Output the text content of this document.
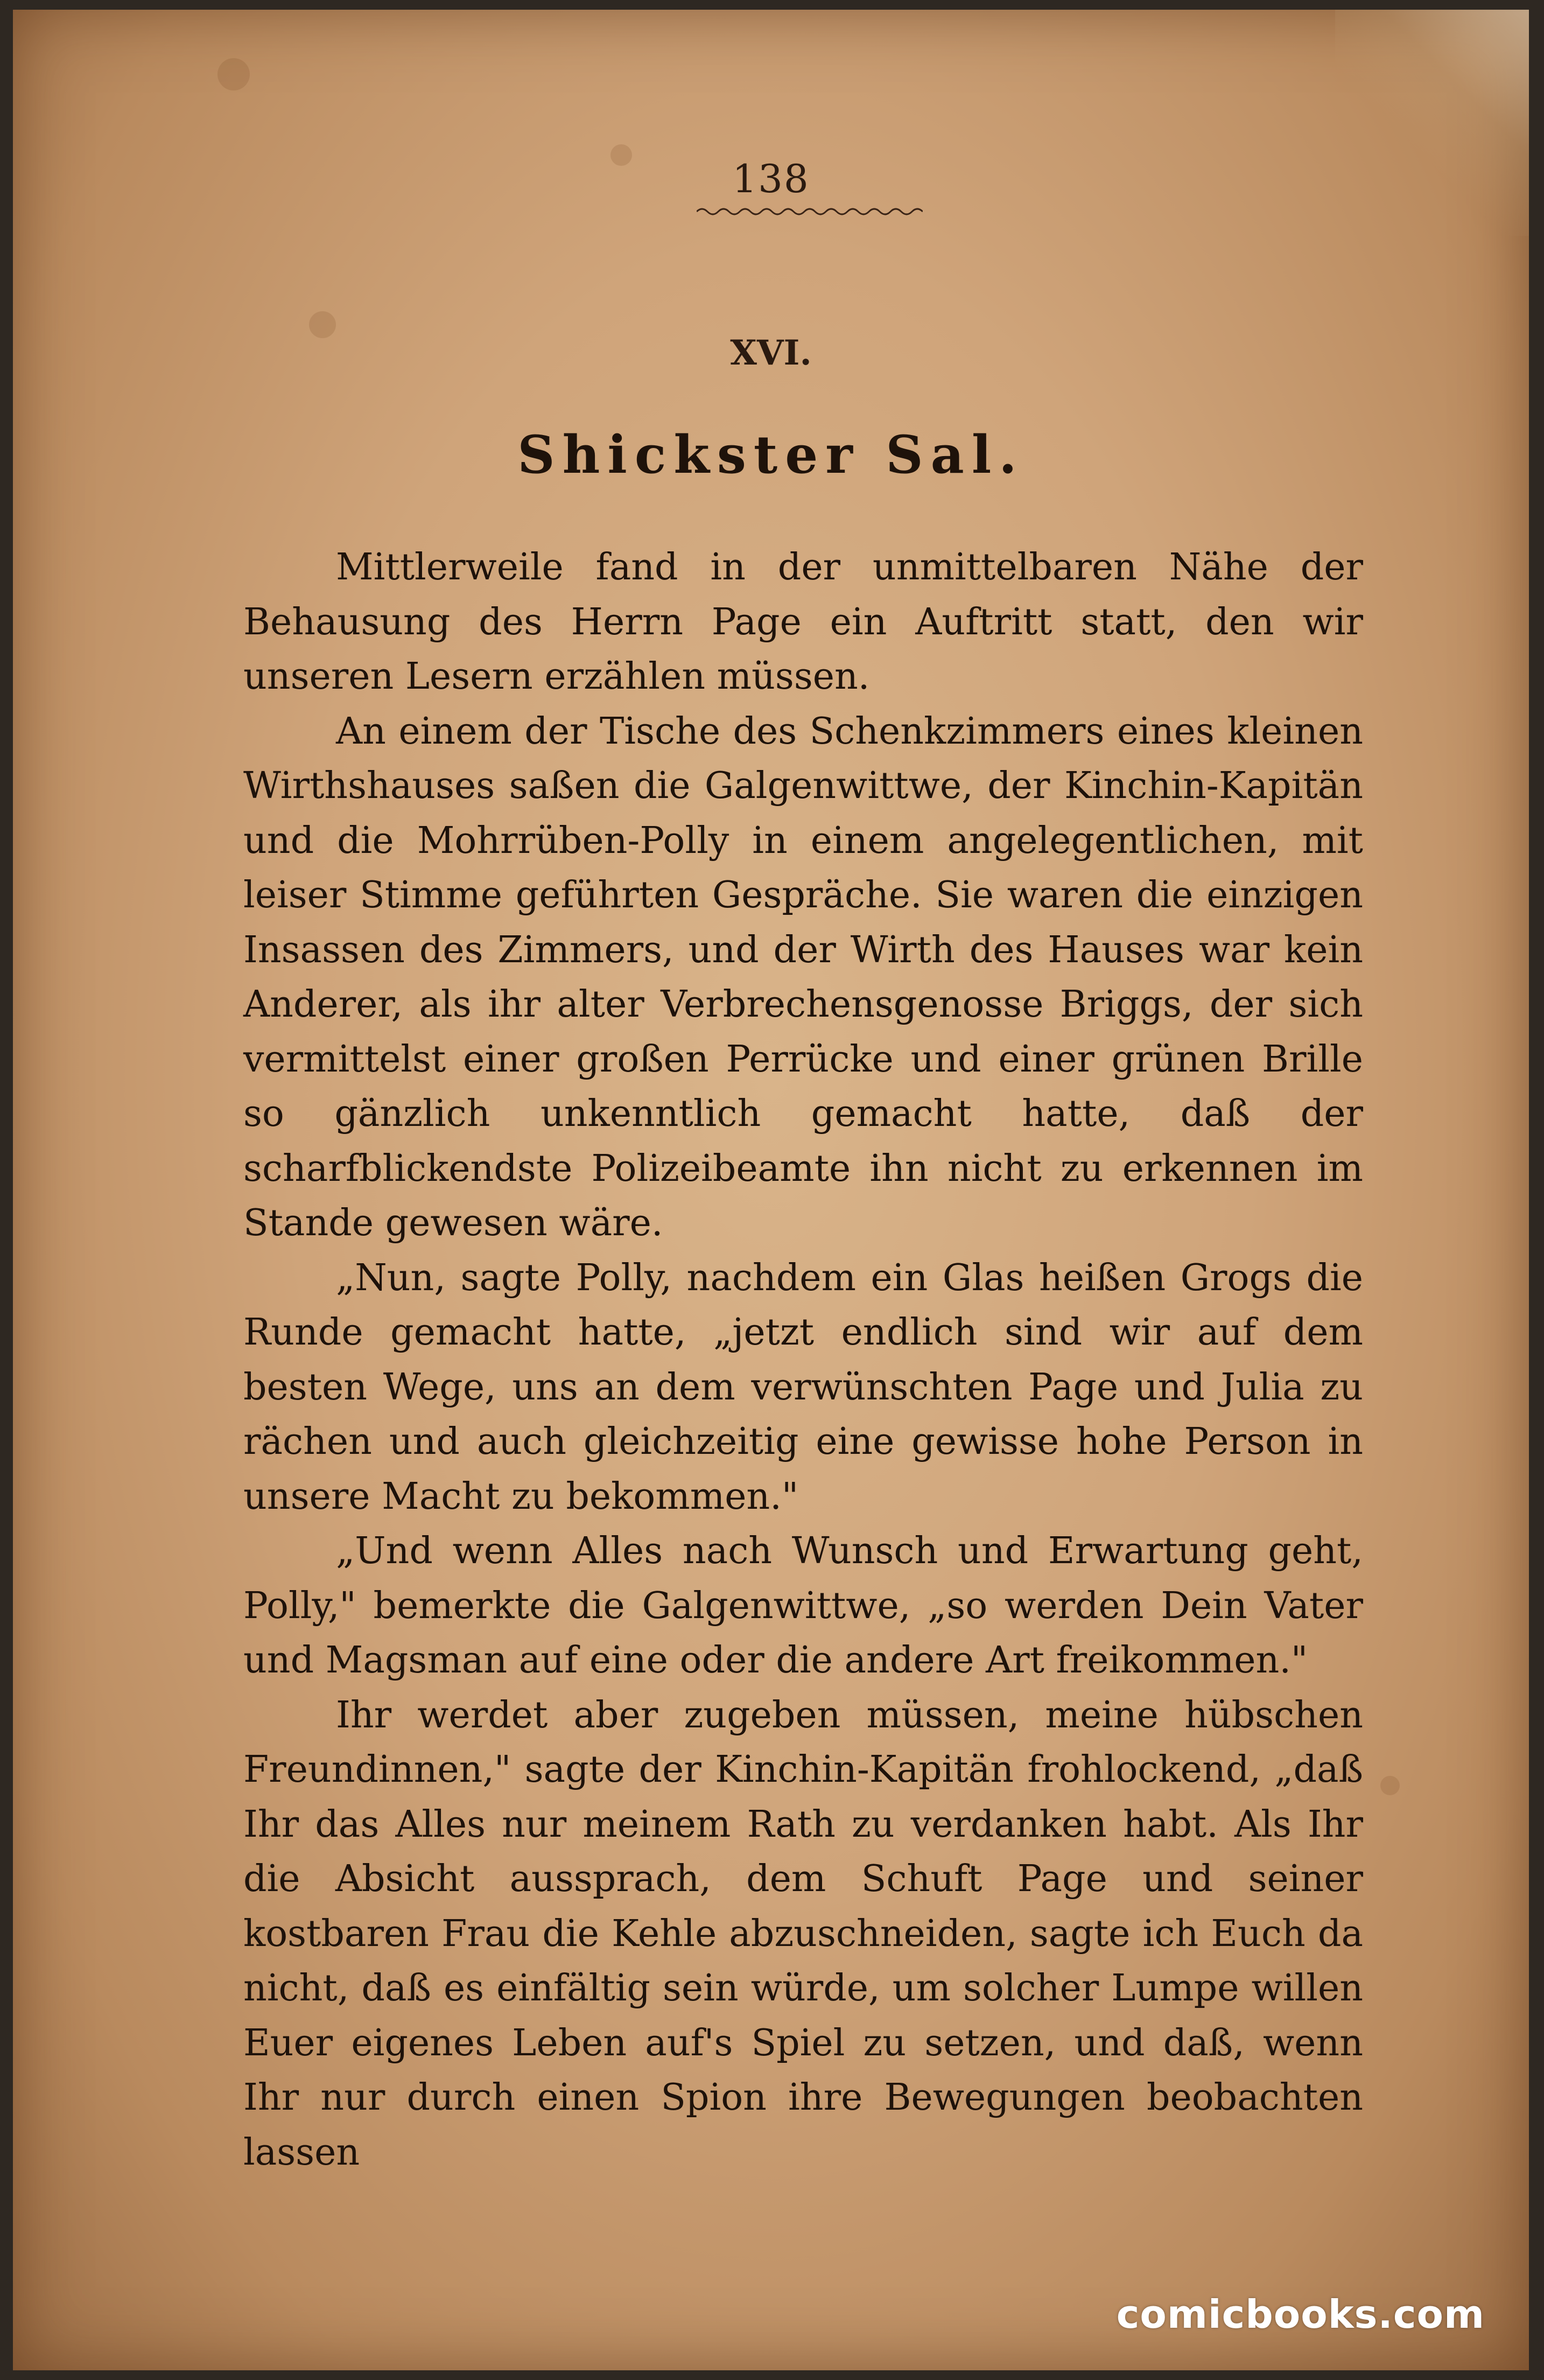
138
XVI.
Shickster Sal.

Mittlerweile fand in der unmittelbaren Nähe der Behausung des Herrn Page ein Auftritt statt, den wir unseren Lesern erzählen müssen.

An einem der Tische des Schenkzimmers eines kleinen Wirthshauses saßen die Galgenwittwe, der Kinchin-Kapitän und die Mohrrüben-Polly in einem angelegentlichen, mit leiser Stimme geführten Gespräche. Sie waren die einzigen Insassen des Zimmers, und der Wirth des Hauses war kein Anderer, als ihr alter Verbrechensgenosse Briggs, der sich vermittelst einer großen Perrücke und einer grünen Brille so gänzlich unkenntlich gemacht hatte, daß der scharfblickendste Polizeibeamte ihn nicht zu erkennen im Stande gewesen wäre.

„Nun, sagte Polly, nachdem ein Glas heißen Grogs die Runde gemacht hatte, „jetzt endlich sind wir auf dem besten Wege, uns an dem verwünschten Page und Julia zu rächen und auch gleichzeitig eine gewisse hohe Person in unsere Macht zu bekommen."

„Und wenn Alles nach Wunsch und Erwartung geht, Polly," bemerkte die Galgenwittwe, „so werden Dein Vater und Magsman auf eine oder die andere Art freikommen."

Ihr werdet aber zugeben müssen, meine hübschen Freundinnen," sagte der Kinchin-Kapitän frohlockend, „daß Ihr das Alles nur meinem Rath zu verdanken habt. Als Ihr die Absicht aussprach, dem Schuft Page und seiner kostbaren Frau die Kehle abzuschneiden, sagte ich Euch da nicht, daß es einfältig sein würde, um solcher Lumpe willen Euer eigenes Leben auf's Spiel zu setzen, und daß, wenn Ihr nur durch einen Spion ihre Bewegungen beobachten lassen

comicbooks.com
